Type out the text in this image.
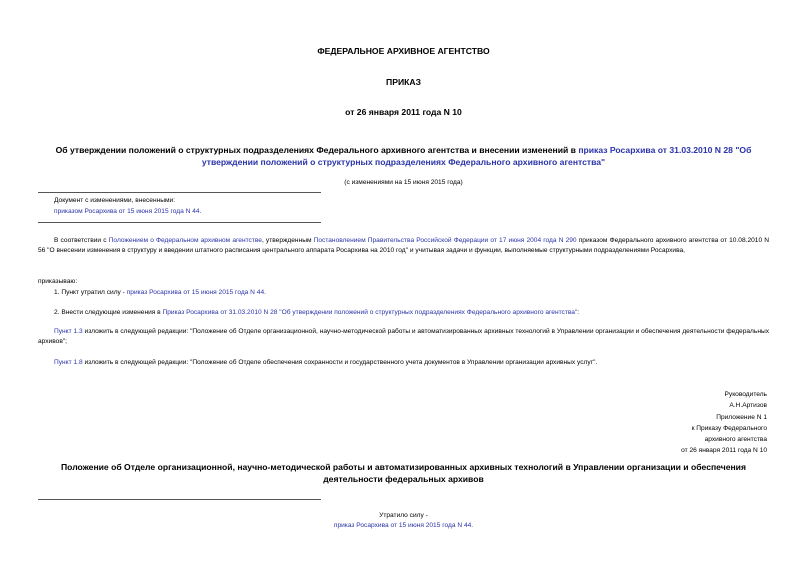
ФЕДЕРАЛЬНОЕ АРХИВНОЕ АГЕНТСТВО
ПРИКАЗ
от 26 января 2011 года N 10
Об утверждении положений о структурных подразделениях Федерального архивного агентства и внесении изменений в приказ Росархива от 31.03.2010 N 28 "Об утверждении положений о структурных подразделениях Федерального архивного агентства"
(с изменениями на 15 июня 2015 года)
Документ с изменениями, внесенными:
приказом Росархива от 15 июня 2015 года N 44.
В соответствии с Положением о Федеральном архивном агентстве, утвержденным Постановлением Правительства Российской Федерации от 17 июня 2004 года N 290 приказом Федерального архивного агентства от 10.08.2010 N 56 "О внесении изменения в структуру и введении штатного расписания центрального аппарата Росархива на 2010 год" и учитывая задачи и функции, выполняемые структурными подразделениями Росархива,
приказываю:
1. Пункт утратил силу - приказ Росархива от 15 июня 2015 года N 44.
2. Внести следующие изменения в Приказ Росархива от 31.03.2010 N 28 "Об утверждении положений о структурных подразделениях Федерального архивного агентства":
Пункт 1.3 изложить в следующей редакции: "Положение об Отделе организационной, научно-методической работы и автоматизированных архивных технологий в Управлении организации и обеспечения деятельности федеральных архивов";
Пункт 1.8 изложить в следующей редакции: "Положение об Отделе обеспечения сохранности и государственного учета документов в Управлении организации архивных услуг".
Руководитель
А.Н.Артизов
Приложение N 1
к Приказу Федерального
архивного агентства
от 26 января 2011 года N 10
Положение об Отделе организационной, научно-методической работы и автоматизированных архивных технологий в Управлении организации и обеспечения деятельности федеральных архивов
Утратило силу -
приказ Росархива от 15 июня 2015 года N 44.
